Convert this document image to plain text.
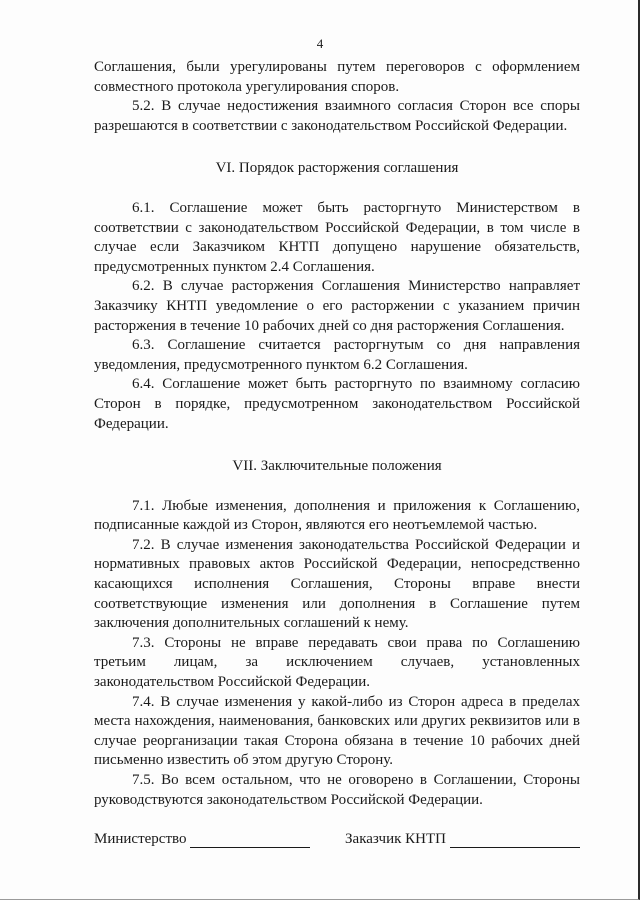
4

Соглашения, были урегулированы путем переговоров с оформлением совместного протокола урегулирования споров.

5.2. В случае недостижения взаимного согласия Сторон все споры разрешаются в соответствии с законодательством Российской Федерации.

VI. Порядок расторжения соглашения

6.1. Соглашение может быть расторгнуто Министерством в соответствии с законодательством Российской Федерации, в том числе в случае если Заказчиком КНТП допущено нарушение обязательств, предусмотренных пунктом 2.4 Соглашения.

6.2. В случае расторжения Соглашения Министерство направляет Заказчику КНТП уведомление о его расторжении с указанием причин расторжения в течение 10 рабочих дней со дня расторжения Соглашения.

6.3. Соглашение считается расторгнутым со дня направления уведомления, предусмотренного пунктом 6.2 Соглашения.

6.4. Соглашение может быть расторгнуто по взаимному согласию Сторон в порядке, предусмотренном законодательством Российской Федерации.

VII. Заключительные положения

7.1. Любые изменения, дополнения и приложения к Соглашению, подписанные каждой из Сторон, являются его неотъемлемой частью.

7.2. В случае изменения законодательства Российской Федерации и нормативных правовых актов Российской Федерации, непосредственно касающихся исполнения Соглашения, Стороны вправе внести соответствующие изменения или дополнения в Соглашение путем заключения дополнительных соглашений к нему.

7.3. Стороны не вправе передавать свои права по Соглашению третьим лицам, за исключением случаев, установленных законодательством Российской Федерации.

7.4. В случае изменения у какой-либо из Сторон адреса в пределах места нахождения, наименования, банковских или других реквизитов или в случае реорганизации такая Сторона обязана в течение 10 рабочих дней письменно известить об этом другую Сторону.

7.5. Во всем остальном, что не оговорено в Соглашении, Стороны руководствуются законодательством Российской Федерации.

Министерство	Заказчик КНТП
